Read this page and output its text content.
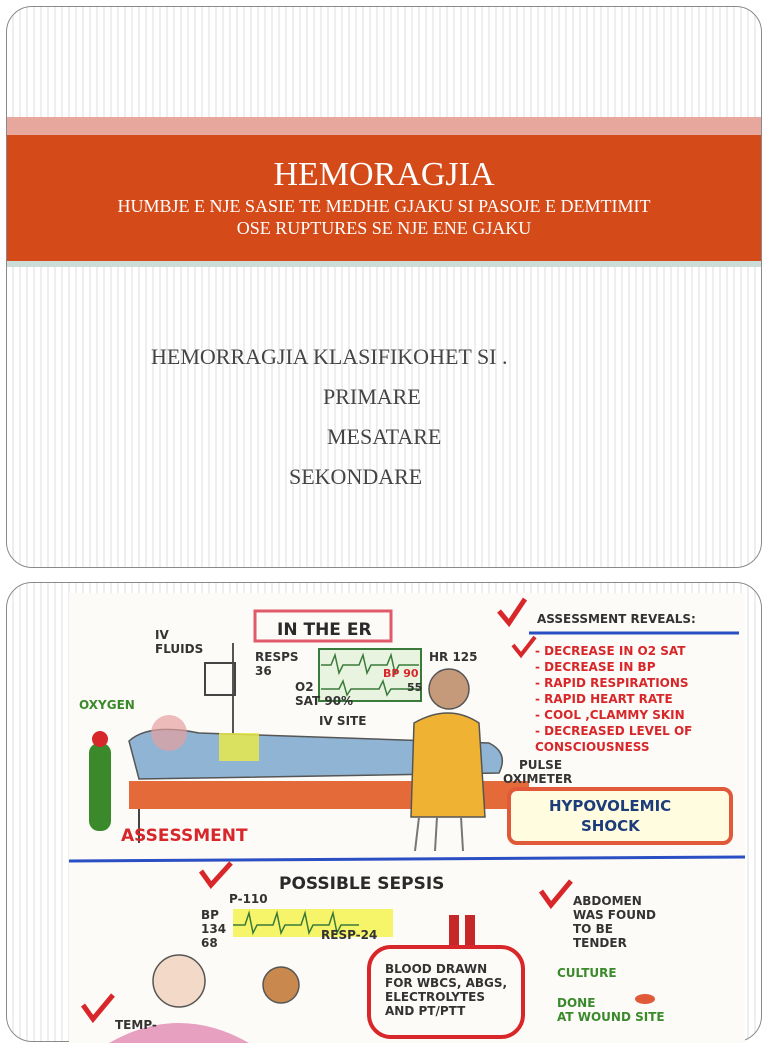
HEMORAGJIA

HUMBJE E NJE SASIE TE MEDHE GJAKU SI PASOJE E DEMTIMIT

OSE RUPTURES SE NJE ENE GJAKU

HEMORRAGJIA KLASIFIKOHET SI .
PRIMARE
MESATARE
SEKONDARE
IN THE ER
IV
FLUIDS
RESPS
36
HR 125
BP 90
55
O2
SAT 90%
OXYGEN
IV SITE
PULSE
OXIMETER
ASSESSMENT
ASSESSMENT REVEALS:
- DECREASE IN O2 SAT
- DECREASE IN BP
- RAPID RESPIRATIONS
- RAPID HEART RATE
- COOL ,CLAMMY SKIN
- DECREASED LEVEL OF
CONSCIOUSNESS
HYPOVOLEMIC
SHOCK
POSSIBLE SEPSIS
P-110
BP
134
68
RESP-24
BLOOD DRAWN
FOR WBCS, ABGS,
ELECTROLYTES
AND PT/PTT
ABDOMEN
WAS FOUND
TO BE
TENDER
CULTURE
DONE
AT WOUND SITE
TEMP-
